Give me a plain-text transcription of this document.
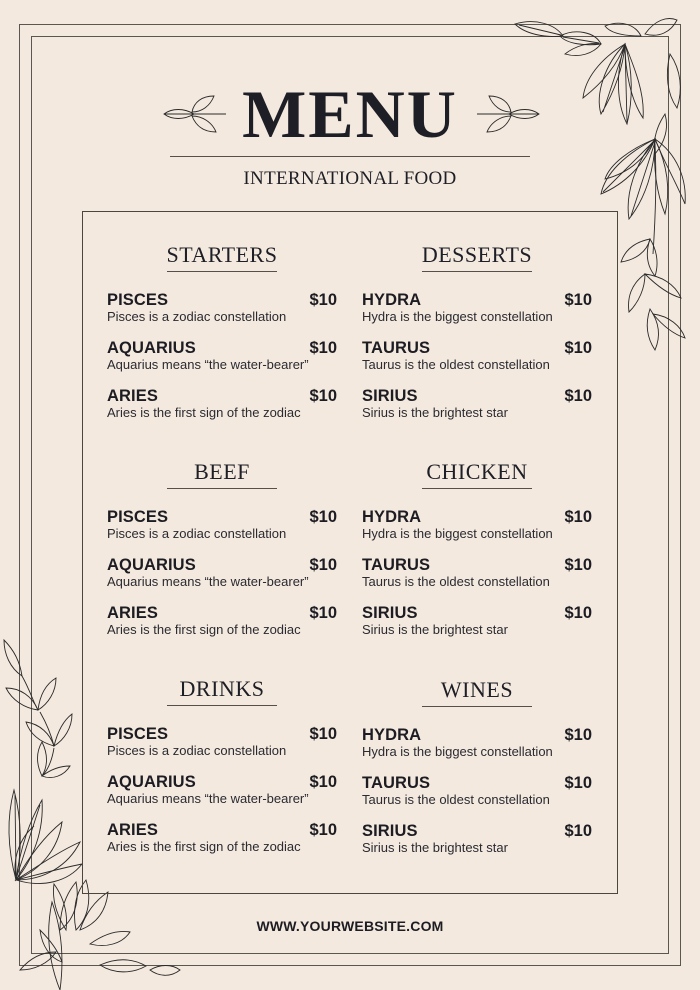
MENU
INTERNATIONAL FOOD
STARTERS
PISCES	$10
Pisces is a zodiac constellation
AQUARIUS	$10
Aquarius means “the water-bearer”
ARIES	$10
Aries is the first sign of the zodiac
DESSERTS
HYDRA	$10
Hydra is the biggest constellation
TAURUS	$10
Taurus is the oldest constellation
SIRIUS	$10
Sirius is the brightest star
BEEF
PISCES	$10
Pisces is a zodiac constellation
AQUARIUS	$10
Aquarius means “the water-bearer”
ARIES	$10
Aries is the first sign of the zodiac
CHICKEN
HYDRA	$10
Hydra is the biggest constellation
TAURUS	$10
Taurus is the oldest constellation
SIRIUS	$10
Sirius is the brightest star
DRINKS
PISCES	$10
Pisces is a zodiac constellation
AQUARIUS	$10
Aquarius means “the water-bearer”
ARIES	$10
Aries is the first sign of the zodiac
WINES
HYDRA	$10
Hydra is the biggest constellation
TAURUS	$10
Taurus is the oldest constellation
SIRIUS	$10
Sirius is the brightest star
WWW.YOURWEBSITE.COM
